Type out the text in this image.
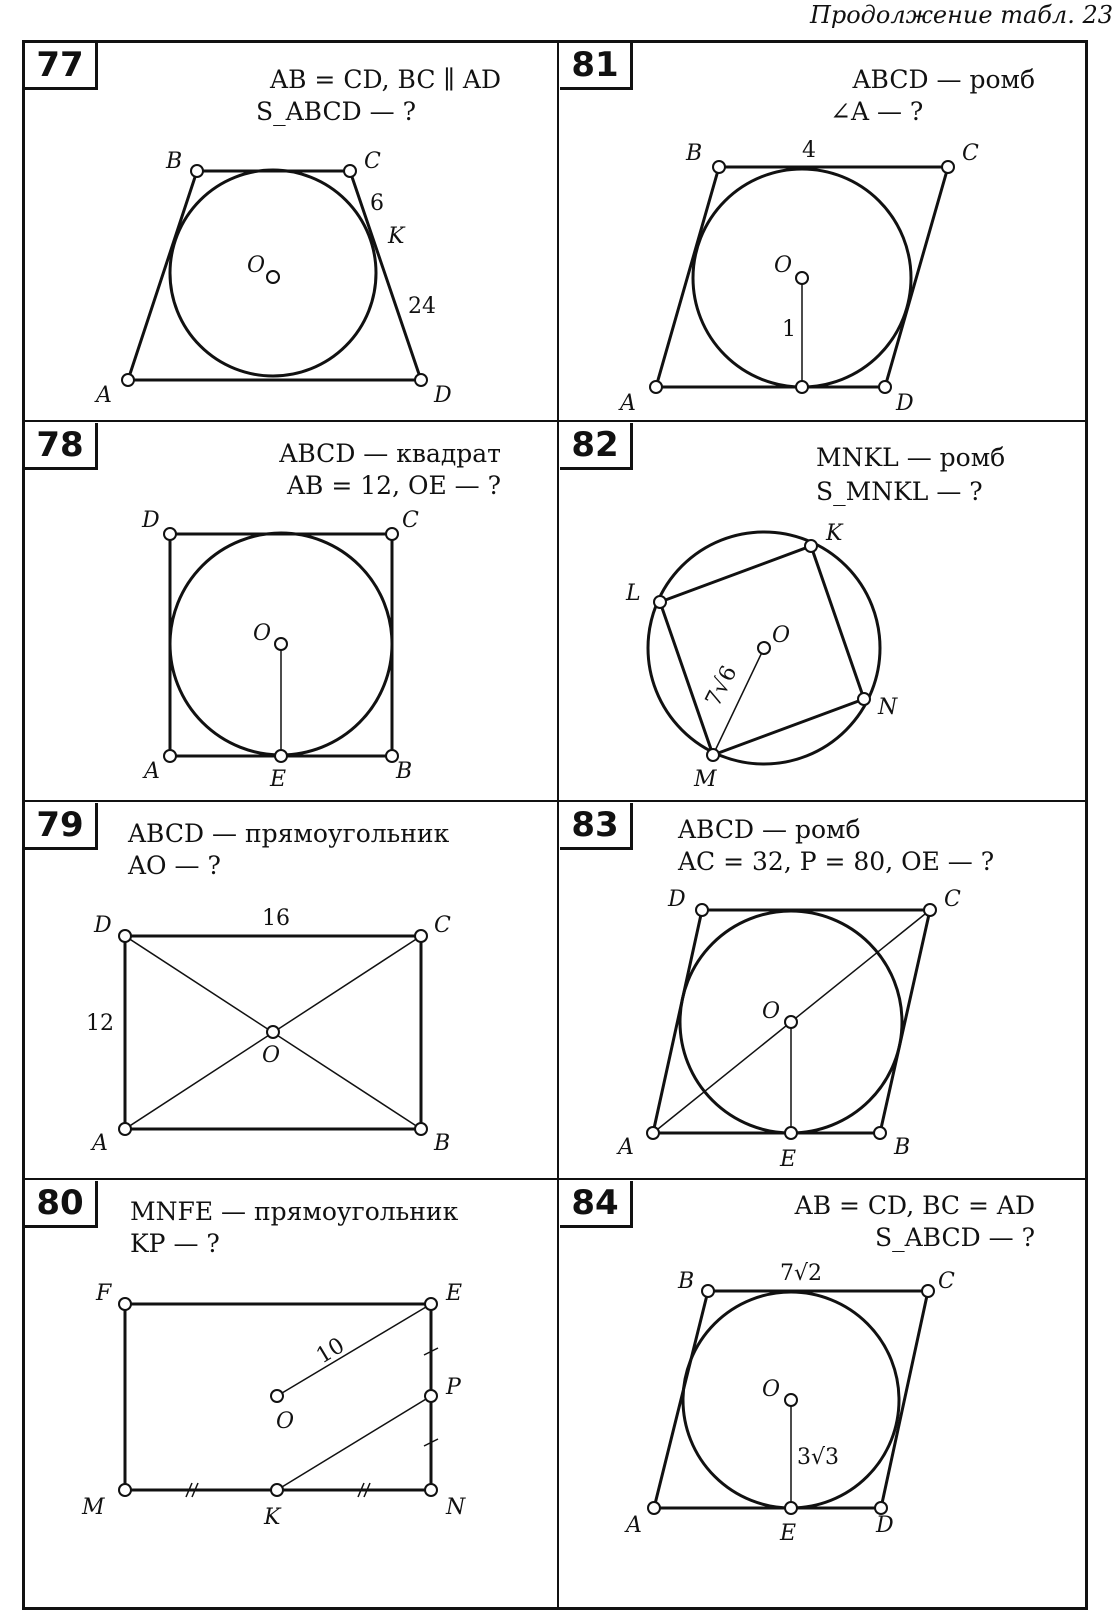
Продолжение табл. 23
77
78
79
80
81
82
83
84
AB = CD, BC ∥ AD
S_ABCD — ?
ABCD — квадрат
AB = 12, OE — ?
ABCD — прямоугольник
AO — ?
MNFE — прямоугольник
KP — ?
ABCD — ромб
∠A — ?
MNKL — ромб
S_MNKL — ?
ABCD — ромб
AC = 32, P = 80, OE — ?
AB = CD, BC = AD
S_ABCD — ?
A
B	C
D
O
K
6
24
A	B
C
D
O
E
A	B
C
D
O
16
12
M	N
F	E
O
P
K
10
A
B	C
D
O
4
1
M
N
K
L
O
7√6
A	B
C
D
O
E
A
B	C
D
O
E
7√2
3√3
